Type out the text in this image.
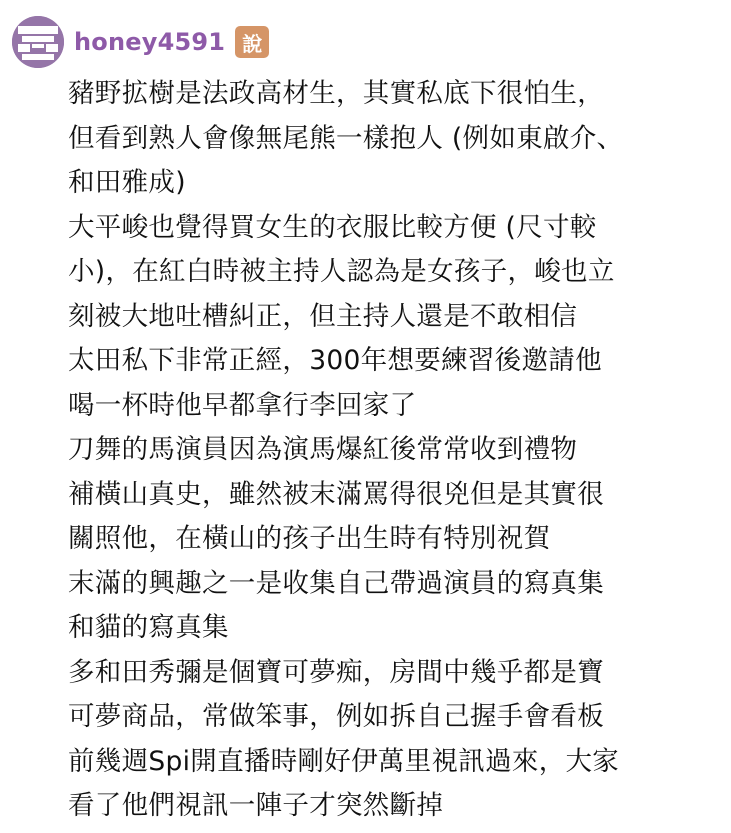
honey4591 說
豬野拡樹是法政高材生，其實私底下很怕生，
但看到熟人會像無尾熊一樣抱人 (例如東啟介、
和田雅成)
大平峻也覺得買女生的衣服比較方便 (尺寸較
小)，在紅白時被主持人認為是女孩子，峻也立
刻被大地吐槽糾正，但主持人還是不敢相信
太田私下非常正經，300年想要練習後邀請他
喝一杯時他早都拿行李回家了
刀舞的馬演員因為演馬爆紅後常常收到禮物
補橫山真史，雖然被末滿罵得很兇但是其實很
關照他，在橫山的孩子出生時有特別祝賀
末滿的興趣之一是收集自己帶過演員的寫真集
和貓的寫真集
多和田秀彌是個寶可夢痴，房間中幾乎都是寶
可夢商品，常做笨事，例如拆自己握手會看板
前幾週Spi開直播時剛好伊萬里視訊過來，大家
看了他們視訊一陣子才突然斷掉
